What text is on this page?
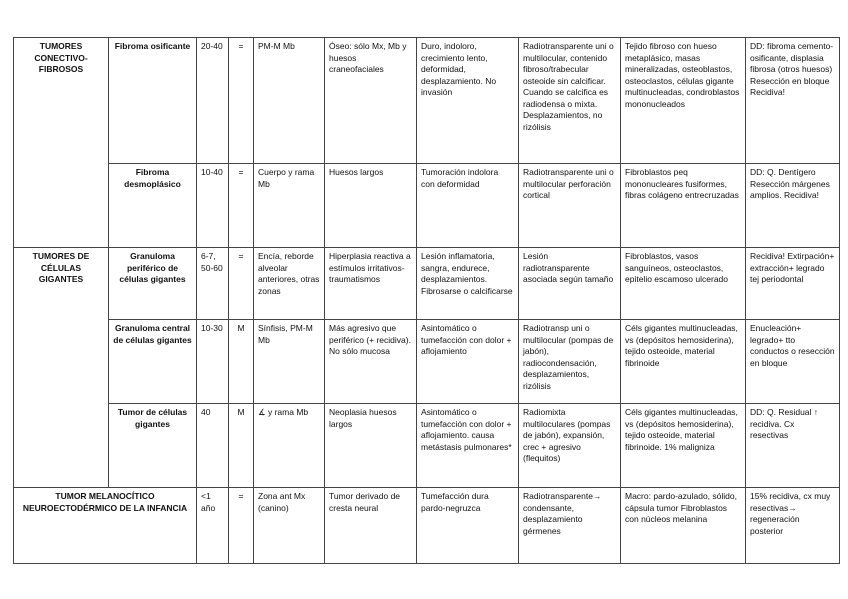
TUMORES CONECTIVO-FIBROSOS	Fibroma osificante	20-40	=	PM-M Mb	Óseo: sólo Mx, Mb y huesos craneofaciales	Duro, indoloro, crecimiento lento, deformidad, desplazamiento. No invasión	Radiotransparente uni o multilocular, contenido fibroso/trabecular osteoide sin calcificar. Cuando se calcifica es radiodensa o mixta. Desplazamientos, no rizólisis	Tejido fibroso con hueso metaplásico, masas mineralizadas, osteoblastos, osteoclastos, células gigante multinucleadas, condroblastos mononucleados	DD: fibroma cemento-osificante, displasia fibrosa (otros huesos) Resección en bloque Recidiva!
	Fibroma desmoplásico	10-40	=	Cuerpo y rama Mb	Huesos largos	Tumoración indolora con deformidad	Radiotransparente uni o multilocular perforación cortical	Fibroblastos peq mononucleares fusiformes, fibras colágeno entrecruzadas	DD: Q. Dentígero Resección márgenes amplios. Recidiva!
TUMORES DE CÉLULAS GIGANTES	Granuloma periférico de células gigantes	6-7, 50-60	=	Encía, reborde alveolar anteriores, otras zonas	Hiperplasia reactiva a estímulos irritativos-traumatismos	Lesión inflamatoria, sangra, endurece, desplazamientos. Fibrosarse o calcificarse	Lesión radiotransparente asociada según tamaño	Fibroblastos, vasos sanguíneos, osteoclastos, epitelio escamoso ulcerado	Recidiva! Extirpación+ extracción+ legrado tej periodontal
	Granuloma central de células gigantes	10-30	M	Sínfisis, PM-M Mb	Más agresivo que periférico (+ recidiva). No sólo mucosa	Asintomático o tumefacción con dolor + aflojamiento	Radiotransp uni o multilocular (pompas de jabón), radiocondensación, desplazamientos, rizólisis	Céls gigantes multinucleadas, vs (depósitos hemosiderina), tejido osteoide, material fibrinoide	Enucleación+ legrado+ tto conductos o resección en bloque
	Tumor de células gigantes	40	M	∡ y rama Mb	Neoplasia huesos largos	Asintomático o tumefacción con dolor + aflojamiento. causa metástasis pulmonares*	Radiomixta multiloculares (pompas de jabón), expansión, crec + agresivo (flequitos)	Céls gigantes multinucleadas, vs (depósitos hemosiderina), tejido osteoide, material fibrinoide. 1% maligniza	DD: Q. Residual ↑ recidiva. Cx resectivas
TUMOR MELANOCÍTICO NEUROECTODÉRMICO DE LA INFANCIA		<1 año	=	Zona ant Mx (canino)	Tumor derivado de cresta neural	Tumefacción dura pardo-negruzca	Radiotransparente→ condensante, desplazamiento gérmenes	Macro: pardo-azulado, sólido, cápsula tumor Fibroblastos con núcleos melanina	15% recidiva, cx muy resectivas→ regeneración posterior
